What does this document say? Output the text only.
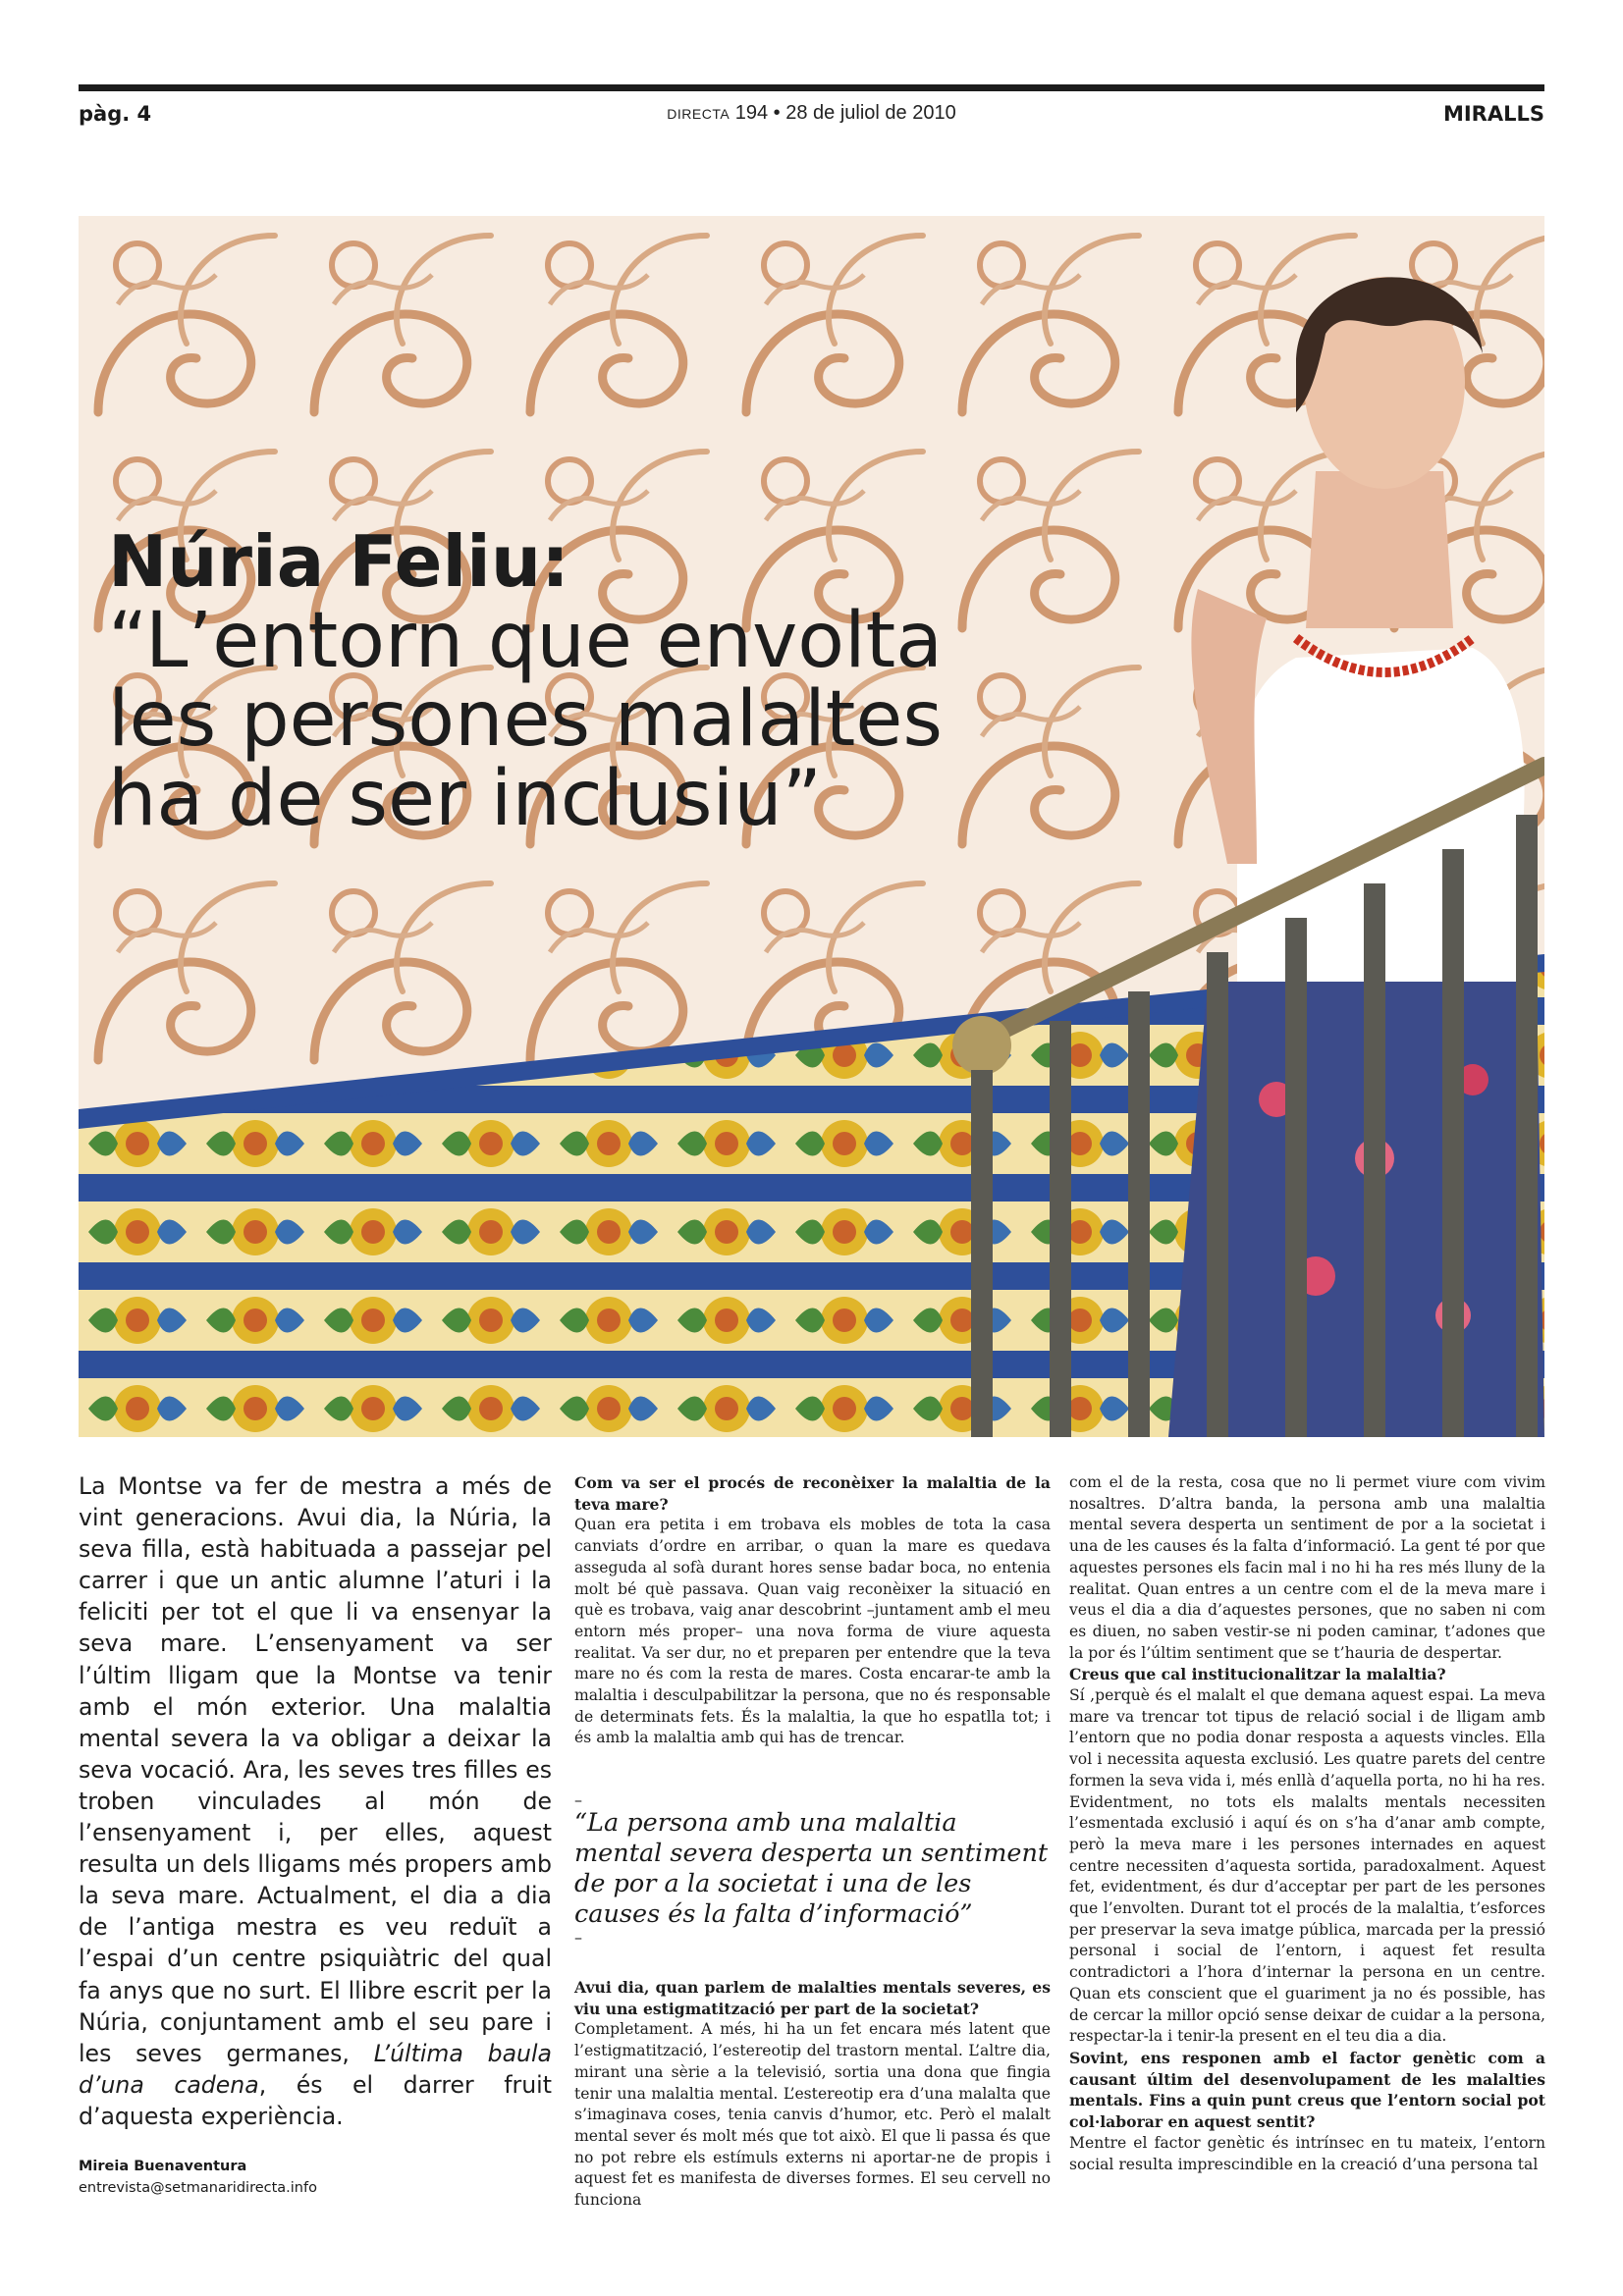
pàg. 4	DIRECTA 194 • 28 de juliol de 2010	MIRALLS
Núria Feliu:
“L’entorn que envolta les persones malaltes ha de ser inclusiu”
La Montse va fer de mestra a més de vint generacions. Avui dia, la Núria, la seva filla, està habituada a passejar pel carrer i que un antic alumne l’aturi i la feliciti per tot el que li va ensenyar la seva mare. L’ensenyament va ser l’últim lligam que la Montse va tenir amb el món exterior. Una malaltia mental severa la va obligar a deixar la seva vocació. Ara, les seves tres filles es troben vinculades al món de l’ensenyament i, per elles, aquest resulta un dels lligams més propers amb la seva mare. Actualment, el dia a dia de l’antiga mestra es veu reduït a l’espai d’un centre psiquiàtric del qual fa anys que no surt. El llibre escrit per la Núria, conjuntament amb el seu pare i les seves germanes, L’última baula d’una cadena, és el darrer fruit d’aquesta experiència.
Mireia Buenaventura
entrevista@setmanaridirecta.info

Com va ser el procés de reconèixer la malaltia de la teva mare?

Quan era petita i em trobava els mobles de tota la casa canviats d’ordre en arribar, o quan la mare es quedava asseguda al sofà durant hores sense badar boca, no entenia molt bé què passava. Quan vaig reconèixer la situació en què es trobava, vaig anar descobrint –juntament amb el meu entorn més proper– una nova forma de viure aquesta realitat. Va ser dur, no et preparen per entendre que la teva mare no és com la resta de mares. Costa encarar-te amb la malaltia i desculpabilitzar la persona, que no és responsable de determinats fets. És la malaltia, la que ho espatlla tot; i és amb la malaltia amb qui has de trencar.

–
“La persona amb una malaltia mental severa desperta un sentiment de por a la societat i una de les causes és la falta d’informació”
–

Avui dia, quan parlem de malalties mentals severes, es viu una estigmatització per part de la societat?

Completament. A més, hi ha un fet encara més latent que l’estigmatització, l’estereotip del trastorn mental. L’altre dia, mirant una sèrie a la televisió, sortia una dona que fingia tenir una malaltia mental. L’estereotip era d’una malalta que s’imaginava coses, tenia canvis d’humor, etc. Però el malalt mental sever és molt més que tot això. El que li passa és que no pot rebre els estímuls externs ni aportar-ne de propis i aquest fet es manifesta de diverses formes. El seu cervell no funciona

com el de la resta, cosa que no li permet viure com vivim nosaltres. D’altra banda, la persona amb una malaltia mental severa desperta un sentiment de por a la societat i una de les causes és la falta d’informació. La gent té por que aquestes persones els facin mal i no hi ha res més lluny de la realitat. Quan entres a un centre com el de la meva mare i veus el dia a dia d’aquestes persones, que no saben ni com es diuen, no saben vestir-se ni poden caminar, t’adones que la por és l’últim sentiment que se t’hauria de despertar.

Creus que cal institucionalitzar la malaltia?

Sí ,perquè és el malalt el que demana aquest espai. La meva mare va trencar tot tipus de relació social i de lligam amb l’entorn que no podia donar resposta a aquests vincles. Ella vol i necessita aquesta exclusió. Les quatre parets del centre formen la seva vida i, més enllà d’aquella porta, no hi ha res. Evidentment, no tots els malalts mentals necessiten l’esmentada exclusió i aquí és on s’ha d’anar amb compte, però la meva mare i les persones internades en aquest centre necessiten d’aquesta sortida, paradoxalment. Aquest fet, evidentment, és dur d’acceptar per part de les persones que l’envolten. Durant tot el procés de la malaltia, t’esforces per preservar la seva imatge pública, marcada per la pressió personal i social de l’entorn, i aquest fet resulta contradictori a l’hora d’internar la persona en un centre. Quan ets conscient que el guariment ja no és possible, has de cercar la millor opció sense deixar de cuidar a la persona, respectar-la i tenir-la present en el teu dia a dia.

Sovint, ens responen amb el factor genètic com a causant últim del desenvolupament de les malalties mentals. Fins a quin punt creus que l’entorn social pot col·laborar en aquest sentit?

Mentre el factor genètic és intrínsec en tu mateix, l’entorn social resulta imprescindible en la creació d’una persona tal
